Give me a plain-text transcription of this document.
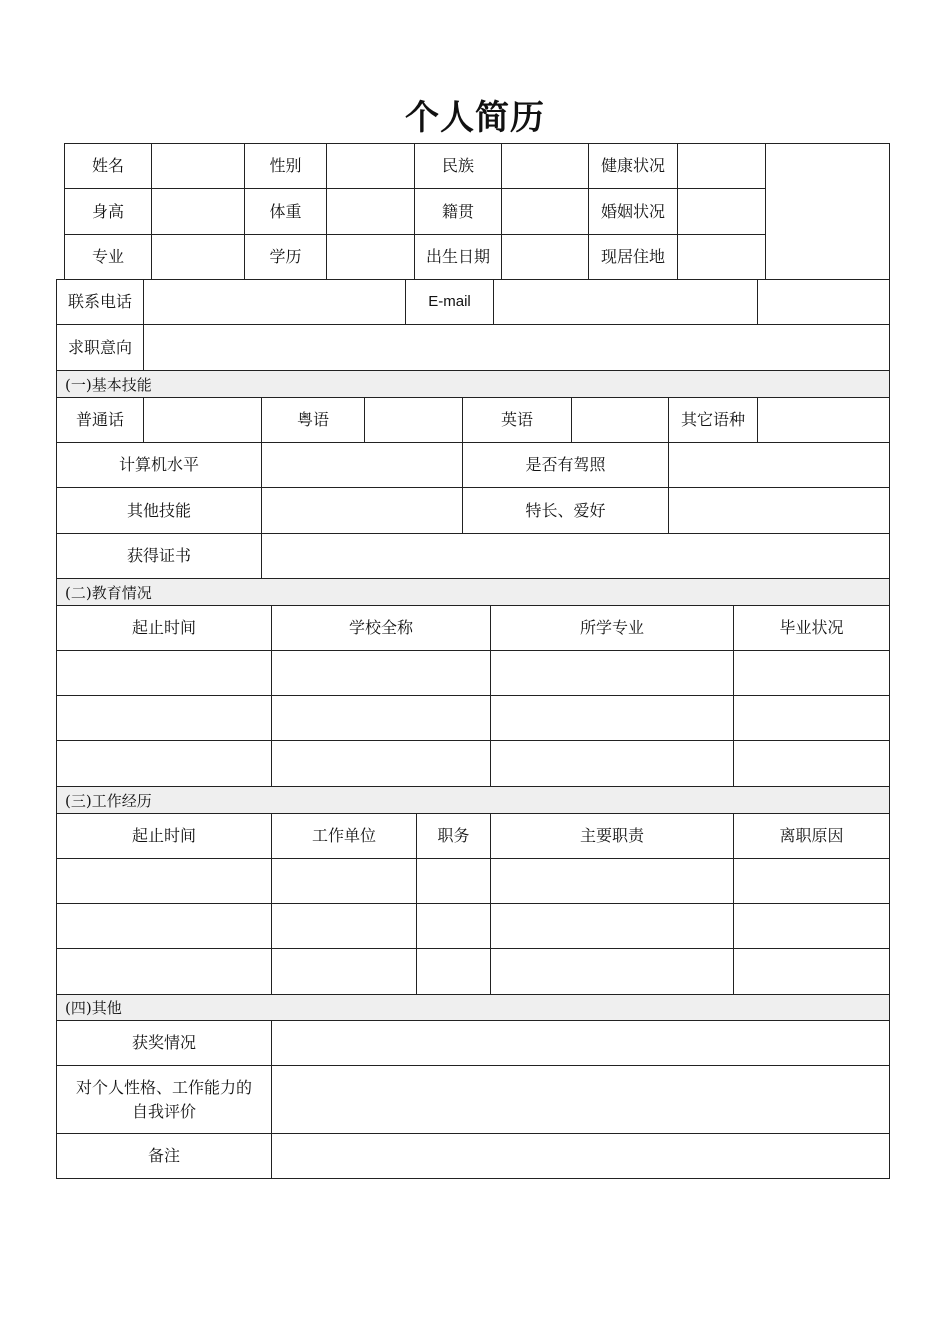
个人简历
姓名	性别	民族	健康状况
身高	体重	籍贯	婚姻状况
专业	学历	出生日期	现居住地
联系电话	E-mail
求职意向
(一)基本技能
普通话	粤语	英语	其它语种
计算机水平	是否有驾照
其他技能	特长、爱好
获得证书
(二)教育情况
起止时间	学校全称	所学专业	毕业状况
(三)工作经历
起止时间	工作单位	职务	主要职责	离职原因
(四)其他
获奖情况
对个人性格、工作能力的自我评价
备注
